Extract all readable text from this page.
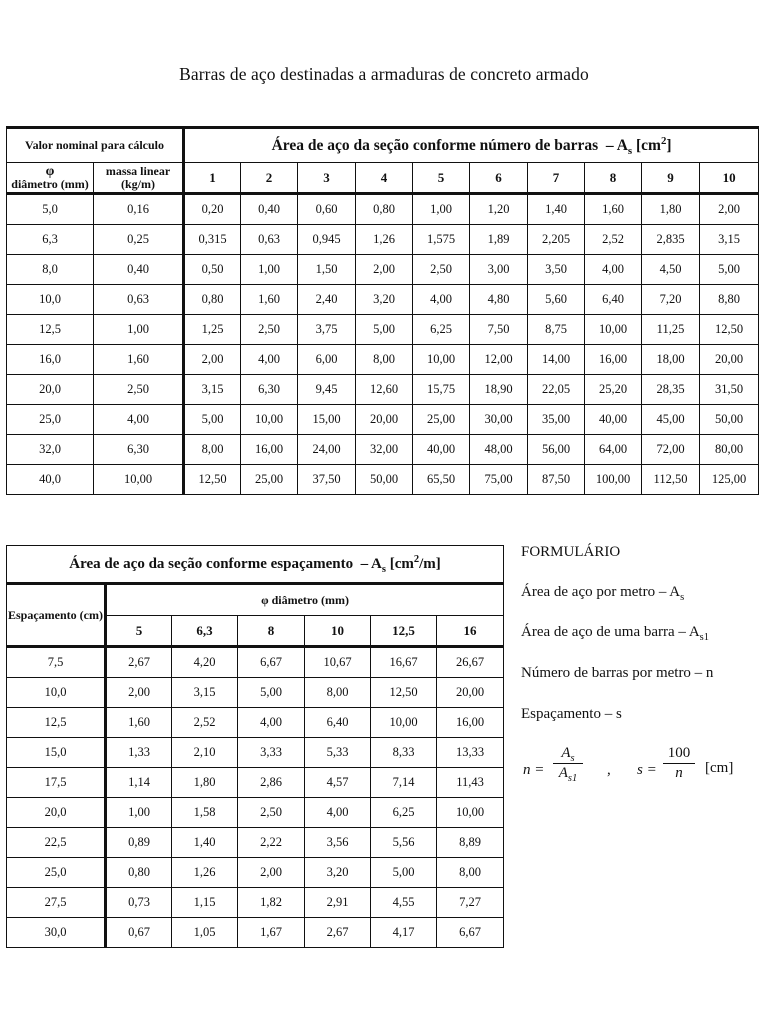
Barras de aço destinadas a armaduras de concreto armado
Valor nominal para cálculo		Área de aço da seção conforme número de barras – $A_s$ $[cm^2]$									

φ
diâmetro (mm)	massa linear (kg/m)										
		1	2	3	4	5	6	7	8	9	10
5,0	0,16	0,20	0,40	0,60	0,80	1,00	1,20	1,40	1,60	1,80	2,00
6,3	0,25	0,315	0,63	0,945	1,26	1,575	1,89	2,205	2,52	2,835	3,15
8,0	0,40	0,50	1,00	1,50	2,00	2,50	3,00	3,50	4,00	4,50	5,00
10,0	0,63	0,80	1,60	2,40	3,20	4,00	4,80	5,60	6,40	7,20	8,80
12,5	1,00	1,25	2,50	3,75	5,00	6,25	7,50	8,75	10,00	11,25	12,50
16,0	1,60	2,00	4,00	6,00	8,00	10,00	12,00	14,00	16,00	18,00	20,00
20,0	2,50	3,15	6,30	9,45	12,60	15,75	18,90	22,05	25,20	28,35	31,50
25,0	4,00	5,00	10,00	15,00	20,00	25,00	30,00	35,00	40,00	45,00	50,00
32,0	6,30	8,00	16,00	24,00	32,00	40,00	48,00	56,00	64,00	72,00	80,00
40,0	10,00	12,50	25,00	37,50	50,00	65,50	75,00	87,50	100,00	112,50	125,00
Área de aço da seção conforme espaçamento – $A_s$ $[cm^2/m]$						
Espaçamento (cm)	φ diâmetro (mm)					
	5	6,3	8	10	12,5	16
7,5	2,67	4,20	6,67	10,67	16,67	26,67
10,0	2,00	3,15	5,00	8,00	12,50	20,00
12,5	1,60	2,52	4,00	6,40	10,00	16,00
15,0	1,33	2,10	3,33	5,33	8,33	13,33
17,5	1,14	1,80	2,86	4,57	7,14	11,43
20,0	1,00	1,58	2,50	4,00	6,25	10,00
22,5	0,89	1,40	2,22	3,56	5,56	8,89
25,0	0,80	1,26	2,00	3,20	5,00	8,00
27,5	0,73	1,15	1,82	2,91	4,55	7,27
30,0	0,67	1,05	1,67	2,67	4,17	6,67
FORMULÁRIO
Área de aço por metro – $A_s$
Área de aço de uma barra – $A_{s1}$
Número de barras por metro – n
Espaçamento – s
n =
$A_s$
$A_{s1}$
, s =
100
n	[cm]
